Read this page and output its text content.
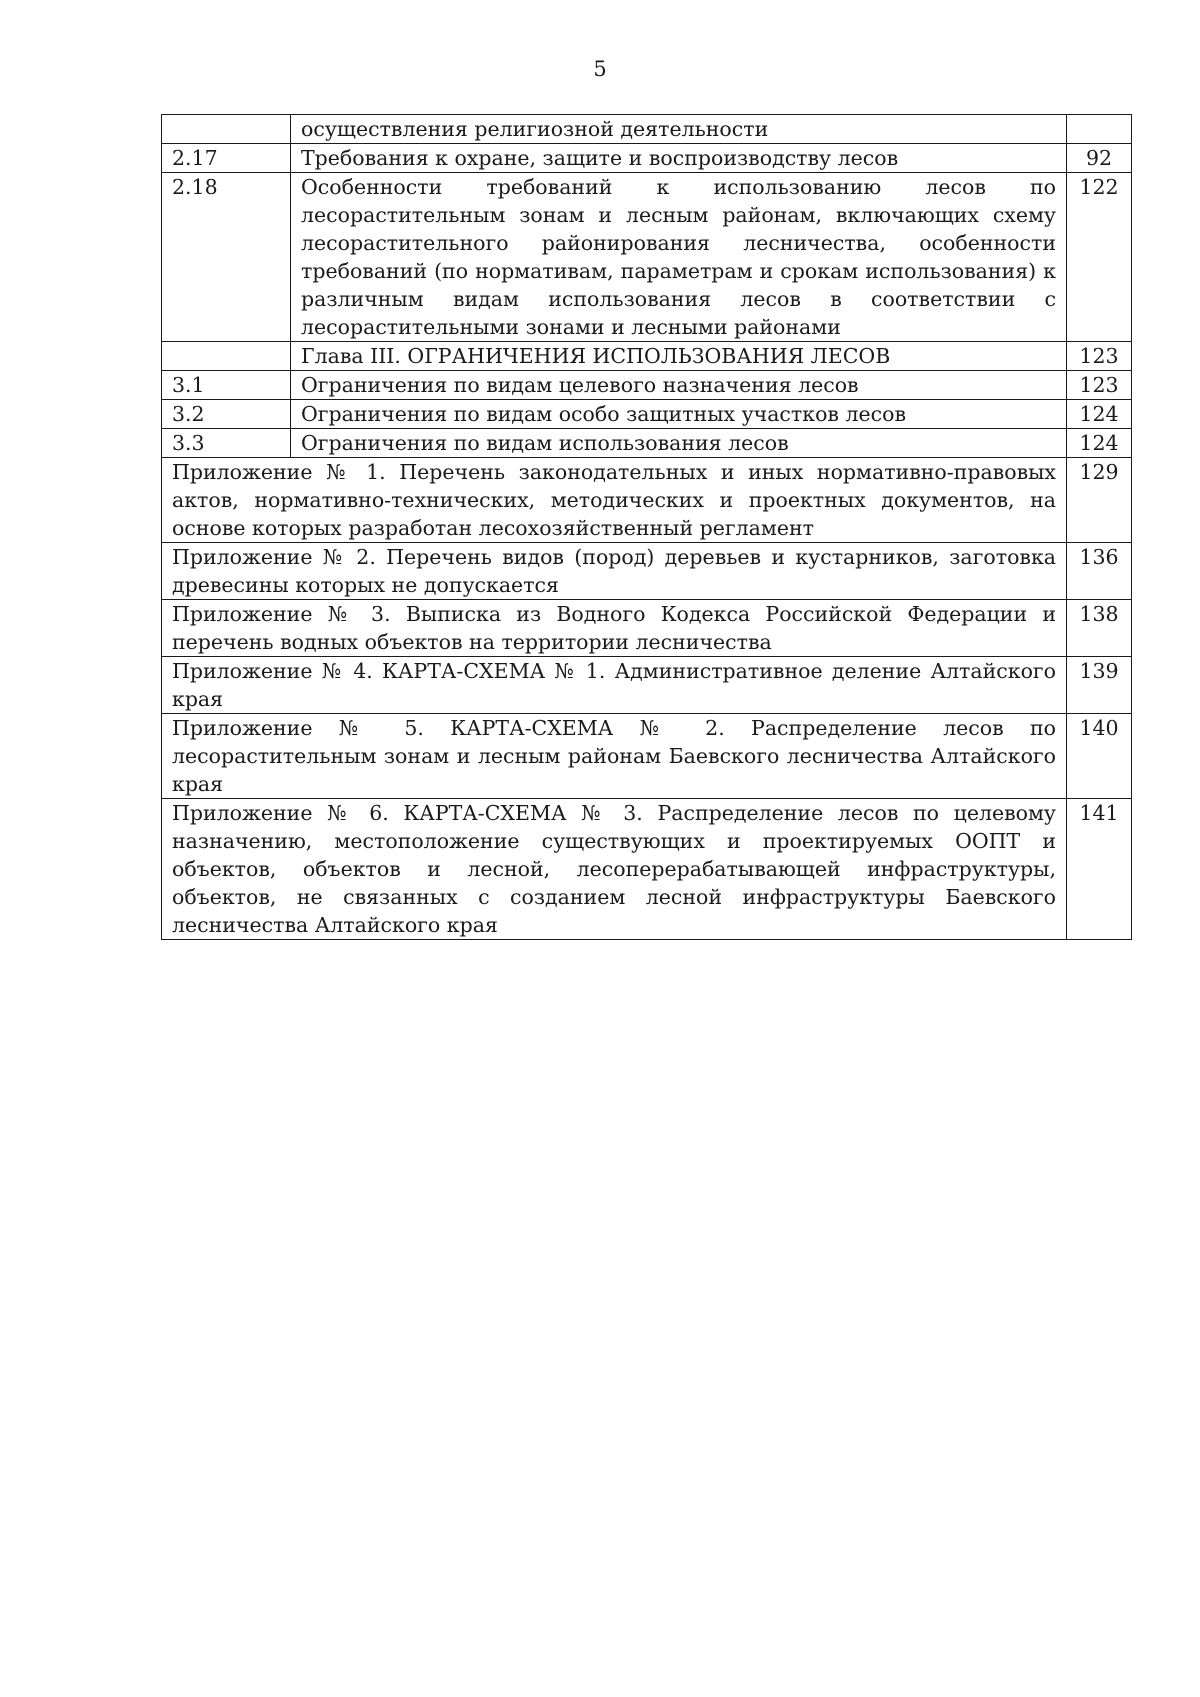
5
	осуществления религиозной деятельности	
2.17	Требования к охране, защите и воспроизводству лесов	92
2.18	Особенности требований к использованию лесов по лесорастительным зонам и лесным районам, включающих схему лесорастительного районирования лесничества, особенности требований (по нормативам, параметрам и срокам использования) к различным видам использования лесов в соответствии с лесорастительными зонами и лесными районами	122
	Глава III. ОГРАНИЧЕНИЯ ИСПОЛЬЗОВАНИЯ ЛЕСОВ	123
3.1	Ограничения по видам целевого назначения лесов	123
3.2	Ограничения по видам особо защитных участков лесов	124
3.3	Ограничения по видам использования лесов	124
Приложение № 1. Перечень законодательных и иных нормативно-правовых актов, нормативно-технических, методических и проектных документов, на основе которых разработан лесохозяйственный регламент		129
Приложение № 2. Перечень видов (пород) деревьев и кустарников, заготовка древесины которых не допускается		136
Приложение № 3. Выписка из Водного Кодекса Российской Федерации и перечень водных объектов на территории лесничества		138
Приложение № 4. КАРТА-СХЕМА № 1. Административное деление Алтайского края		139
Приложение № 5. КАРТА-СХЕМА № 2. Распределение лесов по лесорастительным зонам и лесным районам Баевского лесничества Алтайского края		140
Приложение № 6. КАРТА-СХЕМА № 3. Распределение лесов по целевому назначению, местоположение существующих и проектируемых ООПТ и объектов, объектов и лесной, лесоперерабатывающей инфраструктуры, объектов, не связанных с созданием лесной инфраструктуры Баевского лесничества Алтайского края		141
